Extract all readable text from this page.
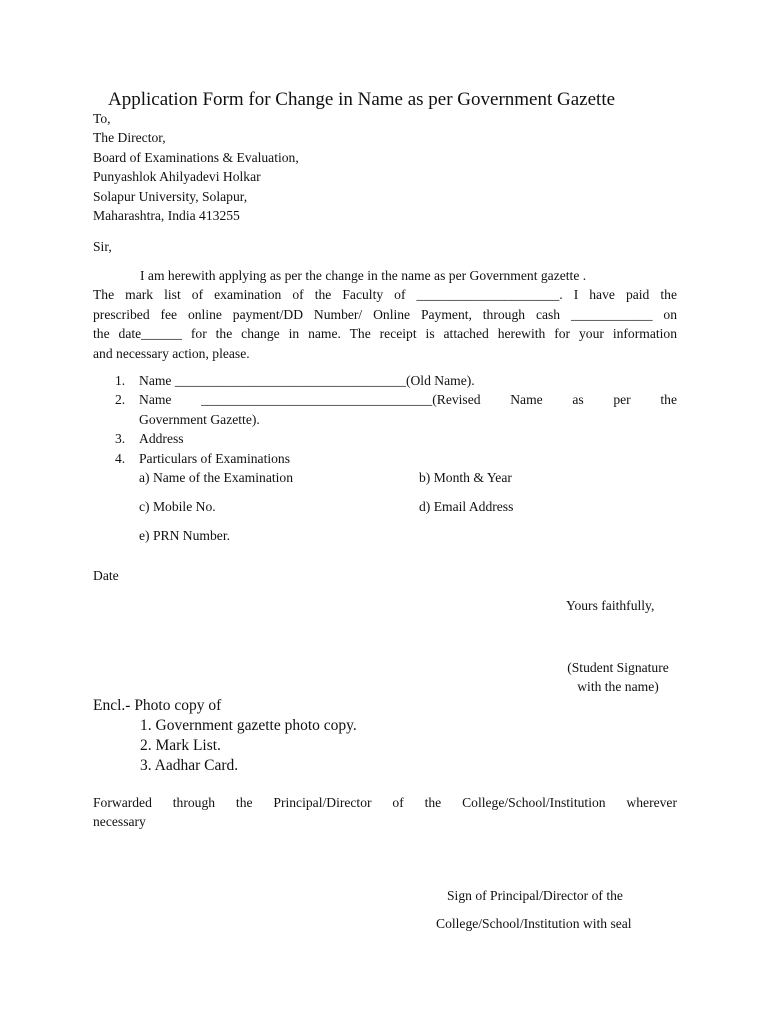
Application Form for Change in Name as per Government Gazette
To,
The Director,
Board of Examinations & Evaluation,
Punyashlok Ahilyadevi Holkar
Solapur University, Solapur,
Maharashtra, India 413255
Sir,
I am herewith applying as per the change in the name as per Government gazette .
The mark list of examination of the Faculty of _____________________. I have paid the
prescribed fee online payment/DD Number/ Online Payment, through cash ____________ on
the date______ for the change in name. The receipt is attached herewith for your information
and necessary action, please.
1. Name __________________________________(Old Name).
2. Name __________________________________(Revised Name as per the
Government Gazette).
3. Address
4. Particulars of Examinations
a) Name of the Examination	b) Month & Year
c) Mobile No.	d) Email Address
e) PRN Number.
Date
Yours faithfully,
(Student Signature
with the name)
Encl.- Photo copy of
1. Government gazette photo copy.
2. Mark List.
3. Aadhar Card.
Forwarded through the Principal/Director of the College/School/Institution wherever
necessary
Sign of Principal/Director of the
College/School/Institution with seal
